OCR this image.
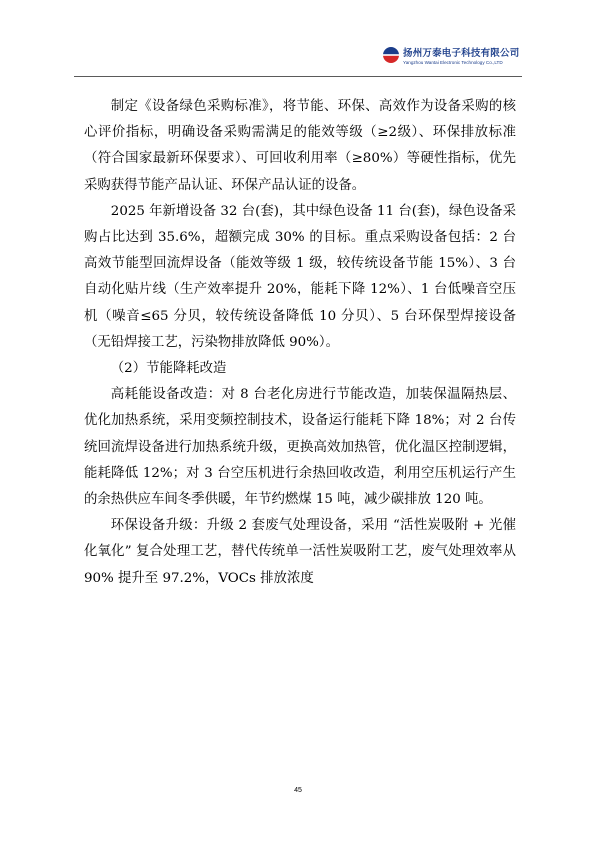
扬州万泰电子科技有限公司
Yangzhou Wantai Electronic Technology Co.,LTD

制定《设备绿色采购标准》，将节能、环保、高效作为设备采购的核心评价指标，明确设备采购需满足的能效等级（≥2级）、环保排放标准（符合国家最新环保要求）、可回收利用率（≥80%）等硬性指标，优先采购获得节能产品认证、环保产品认证的设备。

2025 年新增设备 32 台(套)，其中绿色设备 11 台(套)，绿色设备采购占比达到 35.6%，超额完成 30% 的目标。重点采购设备包括：2 台高效节能型回流焊设备（能效等级 1 级，较传统设备节能 15%）、3 台自动化贴片线（生产效率提升 20%，能耗下降 12%）、1 台低噪音空压机（噪音≤65 分贝，较传统设备降低 10 分贝）、5 台环保型焊接设备（无铅焊接工艺，污染物排放降低 90%）。

（2）节能降耗改造

高耗能设备改造：对 8 台老化房进行节能改造，加装保温隔热层、优化加热系统，采用变频控制技术，设备运行能耗下降 18%；对 2 台传统回流焊设备进行加热系统升级，更换高效加热管，优化温区控制逻辑，能耗降低 12%；对 3 台空压机进行余热回收改造，利用空压机运行产生的余热供应车间冬季供暖，年节约燃煤 15 吨，减少碳排放 120 吨。

环保设备升级：升级 2 套废气处理设备，采用 “活性炭吸附 + 光催化氧化” 复合处理工艺，替代传统单一活性炭吸附工艺，废气处理效率从 90% 提升至 97.2%，VOCs 排放浓度

45
